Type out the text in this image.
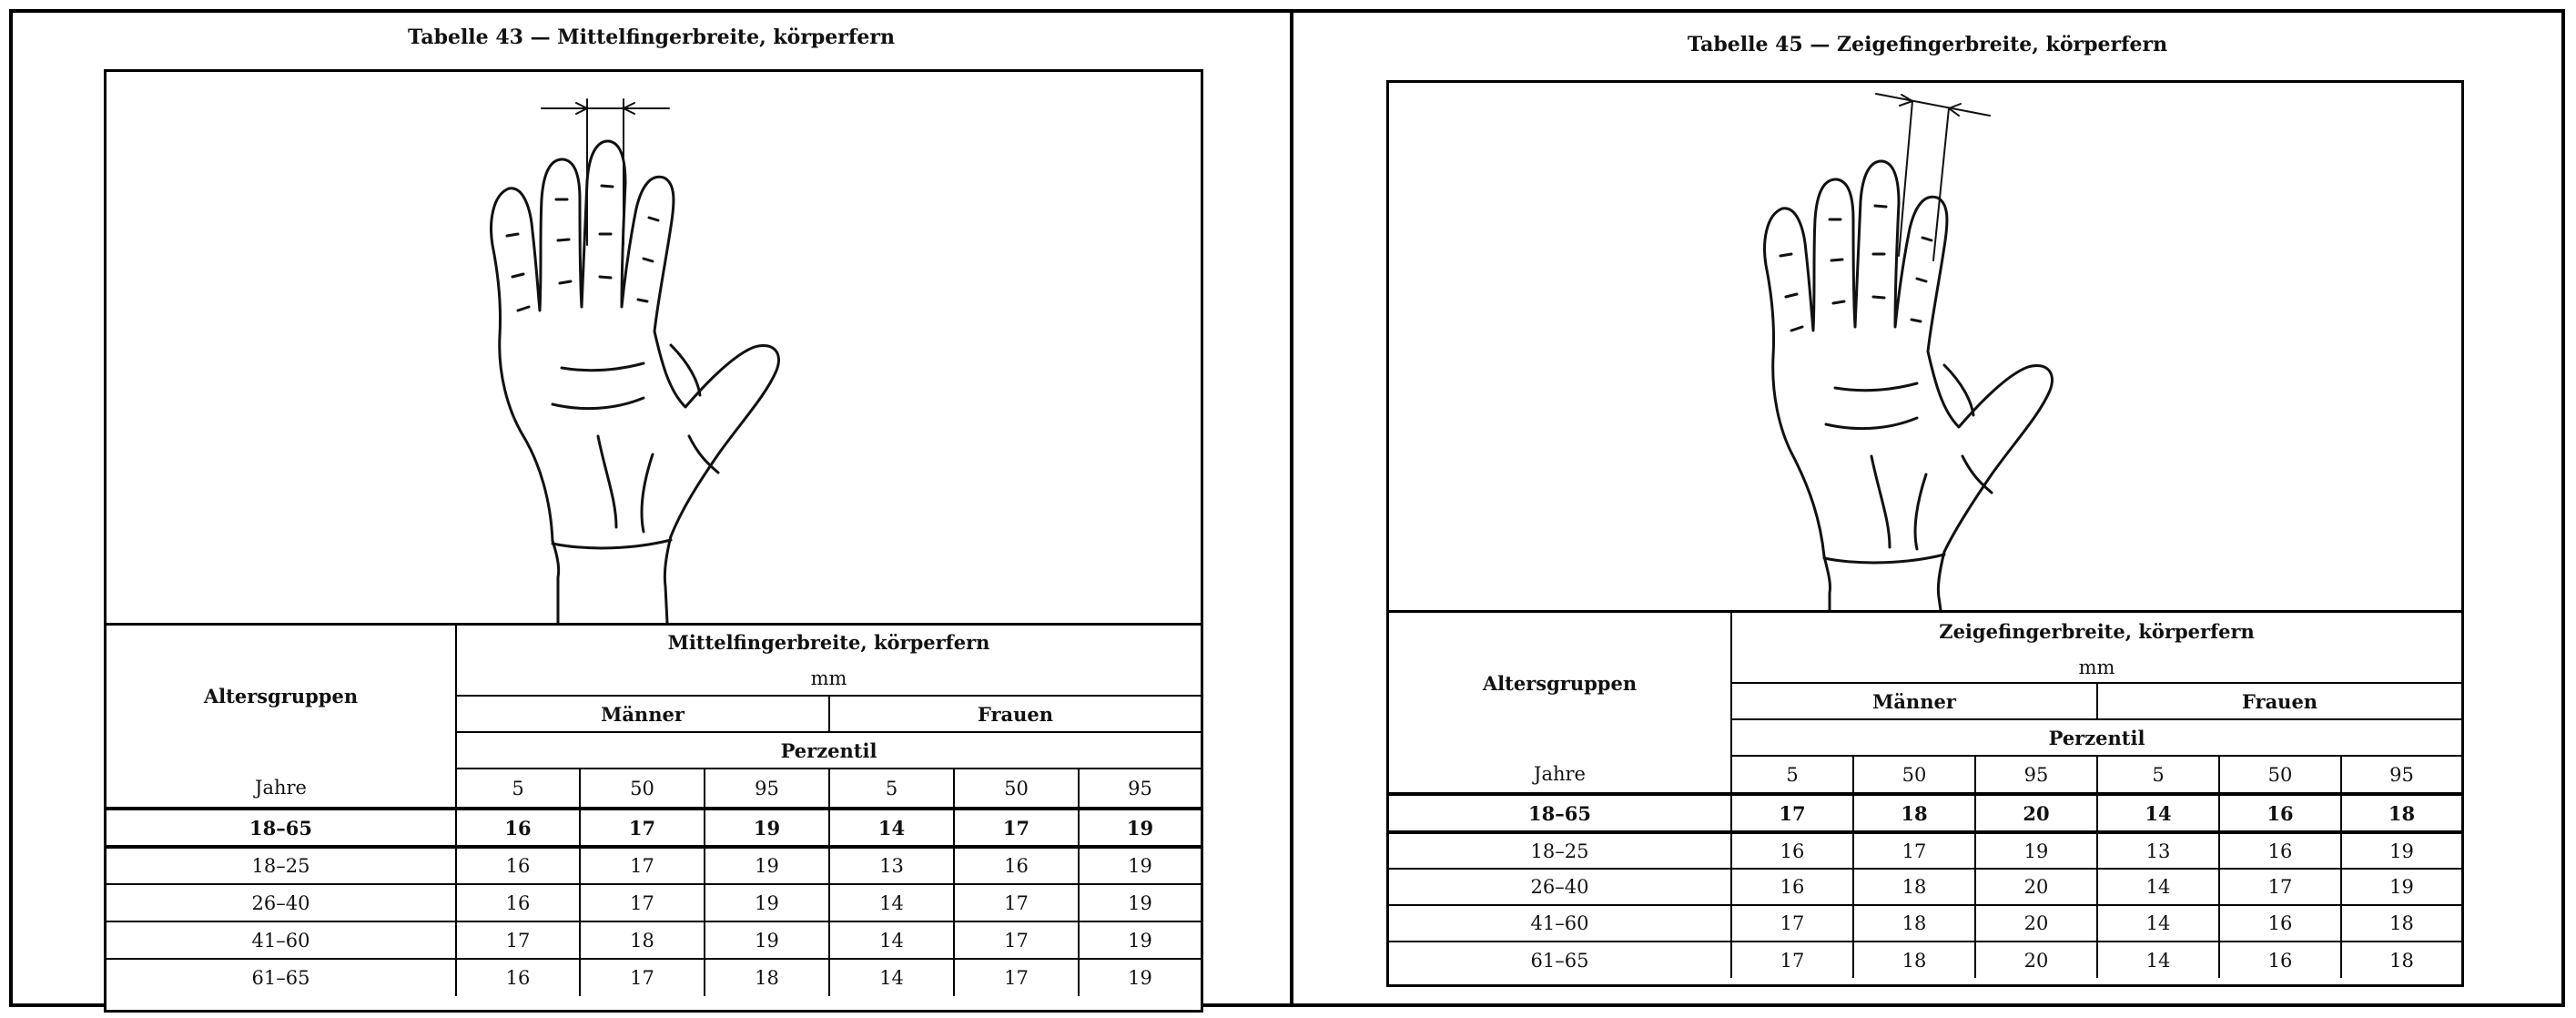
Tabelle 43 — Mittelfingerbreite, körperfern
Altersgruppen	Mittelfingerbreite, körperfern					
	mm					
	Männer			Frauen		
	Perzentil					
Jahre	5	50	95	5	50	95
18–65	16	17	19	14	17	19
18–25	16	17	19	13	16	19
26–40	16	17	19	14	17	19
41–60	17	18	19	14	17	19
61–65	16	17	18	14	17	19
Tabelle 45 — Zeigefingerbreite, körperfern
Altersgruppen	Zeigefingerbreite, körperfern					
	mm					
	Männer			Frauen		
	Perzentil					
Jahre	5	50	95	5	50	95
18–65	17	18	20	14	16	18
18–25	16	17	19	13	16	19
26–40	16	18	20	14	17	19
41–60	17	18	20	14	16	18
61–65	17	18	20	14	16	18
